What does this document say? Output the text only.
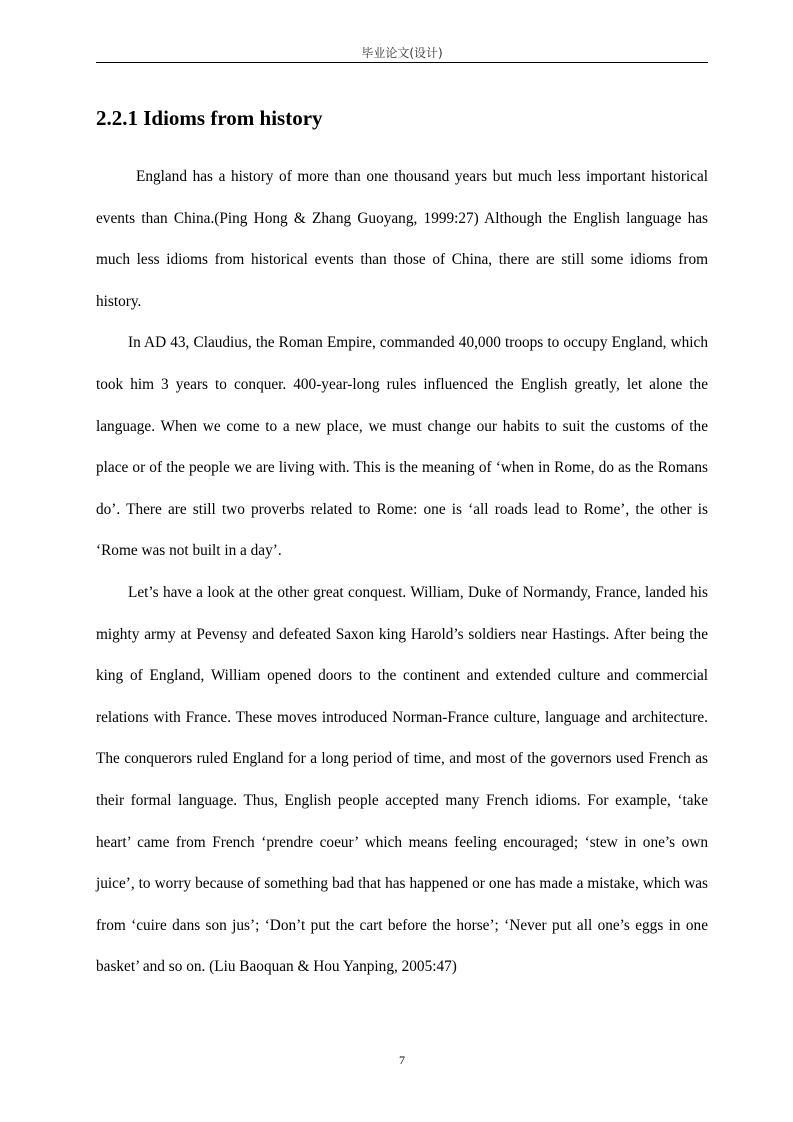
毕业论文(设计)
2.2.1 Idioms from history

England has a history of more than one thousand years but much less important historical events than China.(Ping Hong & Zhang Guoyang, 1999:27) Although the English language has much less idioms from historical events than those of China, there are still some idioms from history.

In AD 43, Claudius, the Roman Empire, commanded 40,000 troops to occupy England, which took him 3 years to conquer. 400-year-long rules influenced the English greatly, let alone the language. When we come to a new place, we must change our habits to suit the customs of the place or of the people we are living with. This is the meaning of ‘when in Rome, do as the Romans do’. There are still two proverbs related to Rome: one is ‘all roads lead to Rome’, the other is ‘Rome was not built in a day’.

Let’s have a look at the other great conquest. William, Duke of Normandy, France, landed his mighty army at Pevensy and defeated Saxon king Harold’s soldiers near Hastings. After being the king of England, William opened doors to the continent and extended culture and commercial relations with France. These moves introduced Norman-France culture, language and architecture. The conquerors ruled England for a long period of time, and most of the governors used French as their formal language. Thus, English people accepted many French idioms. For example, ‘take heart’ came from French ‘prendre coeur’ which means feeling encouraged; ‘stew in one’s own juice’, to worry because of something bad that has happened or one has made a mistake, which was from ‘cuire dans son jus’; ‘Don’t put the cart before the horse’; ‘Never put all one’s eggs in one basket’ and so on. (Liu Baoquan & Hou Yanping, 2005:47)

7
